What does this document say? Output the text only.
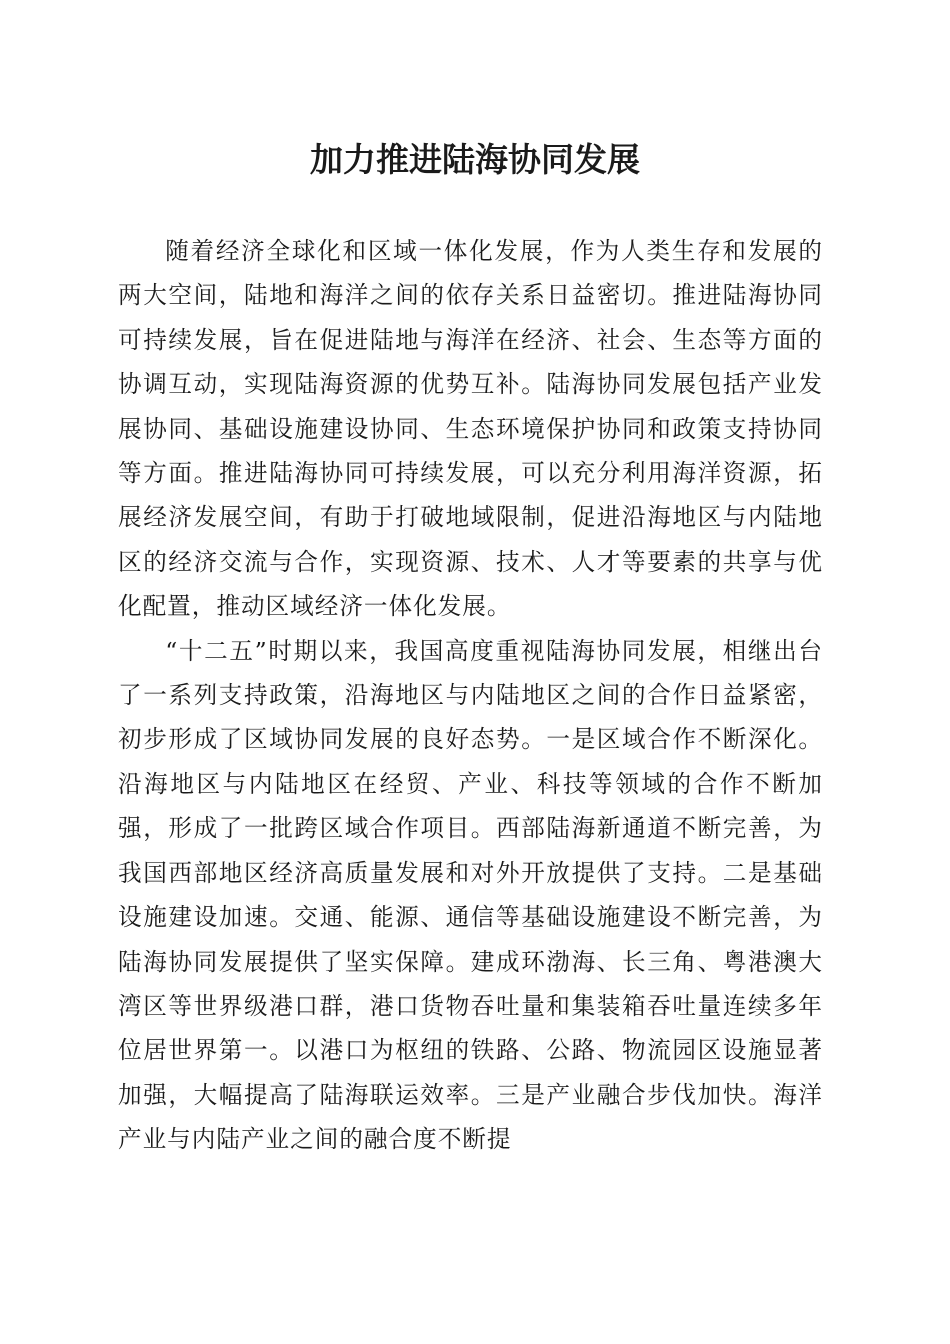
加力推进陆海协同发展

随着经济全球化和区域一体化发展，作为人类生存和发展的两大空间，陆地和海洋之间的依存关系日益密切。推进陆海协同可持续发展，旨在促进陆地与海洋在经济、社会、生态等方面的协调互动，实现陆海资源的优势互补。陆海协同发展包括产业发展协同、基础设施建设协同、生态环境保护协同和政策支持协同等方面。推进陆海协同可持续发展，可以充分利用海洋资源，拓展经济发展空间，有助于打破地域限制，促进沿海地区与内陆地区的经济交流与合作，实现资源、技术、人才等要素的共享与优化配置，推动区域经济一体化发展。

“十二五”时期以来，我国高度重视陆海协同发展，相继出台了一系列支持政策，沿海地区与内陆地区之间的合作日益紧密，初步形成了区域协同发展的良好态势。一是区域合作不断深化。沿海地区与内陆地区在经贸、产业、科技等领域的合作不断加强，形成了一批跨区域合作项目。西部陆海新通道不断完善，为我国西部地区经济高质量发展和对外开放提供了支持。二是基础设施建设加速。交通、能源、通信等基础设施建设不断完善，为陆海协同发展提供了坚实保障。建成环渤海、长三角、粤港澳大湾区等世界级港口群，港口货物吞吐量和集装箱吞吐量连续多年位居世界第一。以港口为枢纽的铁路、公路、物流园区设施显著加强，大幅提高了陆海联运效率。三是产业融合步伐加快。海洋产业与内陆产业之间的融合度不断提
